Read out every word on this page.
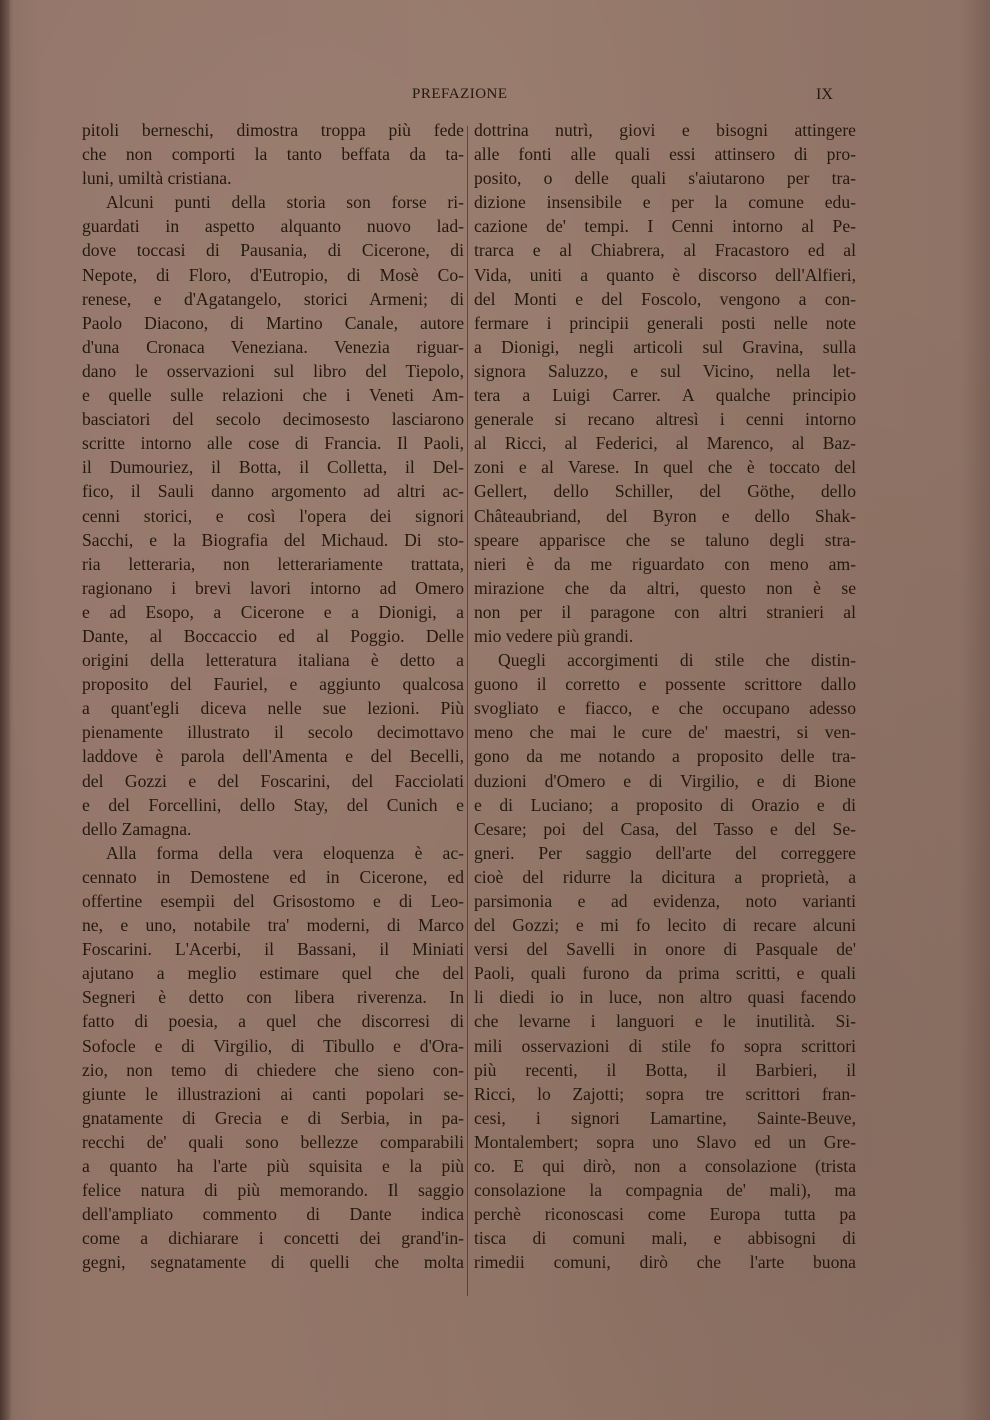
PREFAZIONE	IX
pitoli berneschi, dimostra troppa più fede
che non comporti la tanto beffata da ta-
luni, umiltà cristiana.
Alcuni punti della storia son forse ri-
guardati in aspetto alquanto nuovo lad-
dove toccasi di Pausania, di Cicerone, di
Nepote, di Floro, d'Eutropio, di Mosè Co-
renese, e d'Agatangelo, storici Armeni; di
Paolo Diacono, di Martino Canale, autore
d'una Cronaca Veneziana. Venezia riguar-
dano le osservazioni sul libro del Tiepolo,
e quelle sulle relazioni che i Veneti Am-
basciatori del secolo decimosesto lasciarono
scritte intorno alle cose di Francia. Il Paoli,
il Dumouriez, il Botta, il Colletta, il Del-
fico, il Sauli danno argomento ad altri ac-
cenni storici, e così l'opera dei signori
Sacchi, e la Biografia del Michaud. Di sto-
ria letteraria, non letterariamente trattata,
ragionano i brevi lavori intorno ad Omero
e ad Esopo, a Cicerone e a Dionigi, a
Dante, al Boccaccio ed al Poggio. Delle
origini della letteratura italiana è detto a
proposito del Fauriel, e aggiunto qualcosa
a quant'egli diceva nelle sue lezioni. Più
pienamente illustrato il secolo decimottavo
laddove è parola dell'Amenta e del Becelli,
del Gozzi e del Foscarini, del Facciolati
e del Forcellini, dello Stay, del Cunich e
dello Zamagna.
Alla forma della vera eloquenza è ac-
cennato in Demostene ed in Cicerone, ed
offertine esempii del Grisostomo e di Leo-
ne, e uno, notabile tra' moderni, di Marco
Foscarini. L'Acerbi, il Bassani, il Miniati
ajutano a meglio estimare quel che del
Segneri è detto con libera riverenza. In
fatto di poesia, a quel che discorresi di
Sofocle e di Virgilio, di Tibullo e d'Ora-
zio, non temo di chiedere che sieno con-
giunte le illustrazioni ai canti popolari se-
gnatamente di Grecia e di Serbia, in pa-
recchi de' quali sono bellezze comparabili
a quanto ha l'arte più squisita e la più
felice natura di più memorando. Il saggio
dell'ampliato commento di Dante indica
come a dichiarare i concetti dei grand'in-
gegni, segnatamente di quelli che molta
dottrina nutrì, giovi e bisogni attingere
alle fonti alle quali essi attinsero di pro-
posito, o delle quali s'aiutarono per tra-
dizione insensibile e per la comune edu-
cazione de' tempi. I Cenni intorno al Pe-
trarca e al Chiabrera, al Fracastoro ed al
Vida, uniti a quanto è discorso dell'Alfieri,
del Monti e del Foscolo, vengono a con-
fermare i principii generali posti nelle note
a Dionigi, negli articoli sul Gravina, sulla
signora Saluzzo, e sul Vicino, nella let-
tera a Luigi Carrer. A qualche principio
generale si recano altresì i cenni intorno
al Ricci, al Federici, al Marenco, al Baz-
zoni e al Varese. In quel che è toccato del
Gellert, dello Schiller, del Göthe, dello
Châteaubriand, del Byron e dello Shak-
speare apparisce che se taluno degli stra-
nieri è da me riguardato con meno am-
mirazione che da altri, questo non è se
non per il paragone con altri stranieri al
mio vedere più grandi.
Quegli accorgimenti di stile che distin-
guono il corretto e possente scrittore dallo
svogliato e fiacco, e che occupano adesso
meno che mai le cure de' maestri, si ven-
gono da me notando a proposito delle tra-
duzioni d'Omero e di Virgilio, e di Bione
e di Luciano; a proposito di Orazio e di
Cesare; poi del Casa, del Tasso e del Se-
gneri. Per saggio dell'arte del correggere
cioè del ridurre la dicitura a proprietà, a
parsimonia e ad evidenza, noto varianti
del Gozzi; e mi fo lecito di recare alcuni
versi del Savelli in onore di Pasquale de'
Paoli, quali furono da prima scritti, e quali
li diedi io in luce, non altro quasi facendo
che levarne i languori e le inutilità. Si-
mili osservazioni di stile fo sopra scrittori
più recenti, il Botta, il Barbieri, il
Ricci, lo Zajotti; sopra tre scrittori fran-
cesi, i signori Lamartine, Sainte-Beuve,
Montalembert; sopra uno Slavo ed un Gre-
co. E qui dirò, non a consolazione (trista
consolazione la compagnia de' mali), ma
perchè riconoscasi come Europa tutta pa
tisca di comuni mali, e abbisogni di
rimedii comuni, dirò che l'arte buona
